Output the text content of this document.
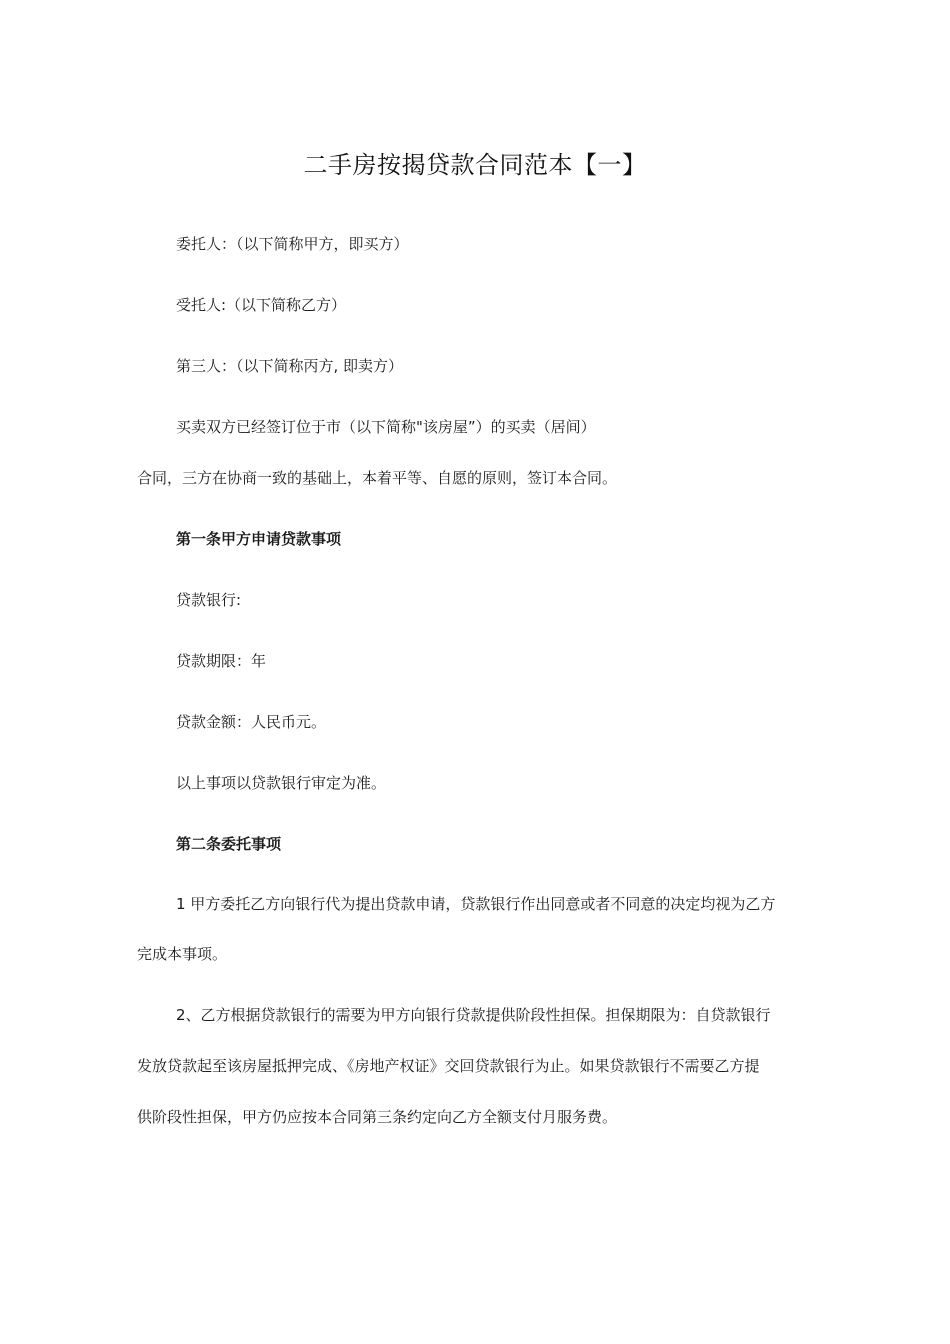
二手房按揭贷款合同范本【一】
委托人：（以下简称甲方，即买方）
受托人:（以下简称乙方）
第三人：（以下简称丙方, 即卖方）
买卖双方已经签订位于市（以下简称"该房屋”）的买卖（居间）
合同，三方在协商一致的基础上，本着平等、自愿的原则，签订本合同。
第一条甲方申请贷款事项
贷款银行:
贷款期限：年
贷款金额：人民币元。
以上事项以贷款银行审定为准。
第二条委托事项
1 甲方委托乙方向银行代为提出贷款申请，贷款银行作出同意或者不同意的决定均视为乙方
完成本事项。
2、乙方根据贷款银行的需要为甲方向银行贷款提供阶段性担保。担保期限为：自贷款银行
发放贷款起至该房屋抵押完成、《房地产权证》交回贷款银行为止。如果贷款银行不需要乙方提
供阶段性担保，甲方仍应按本合同第三条约定向乙方全额支付月服务费。
